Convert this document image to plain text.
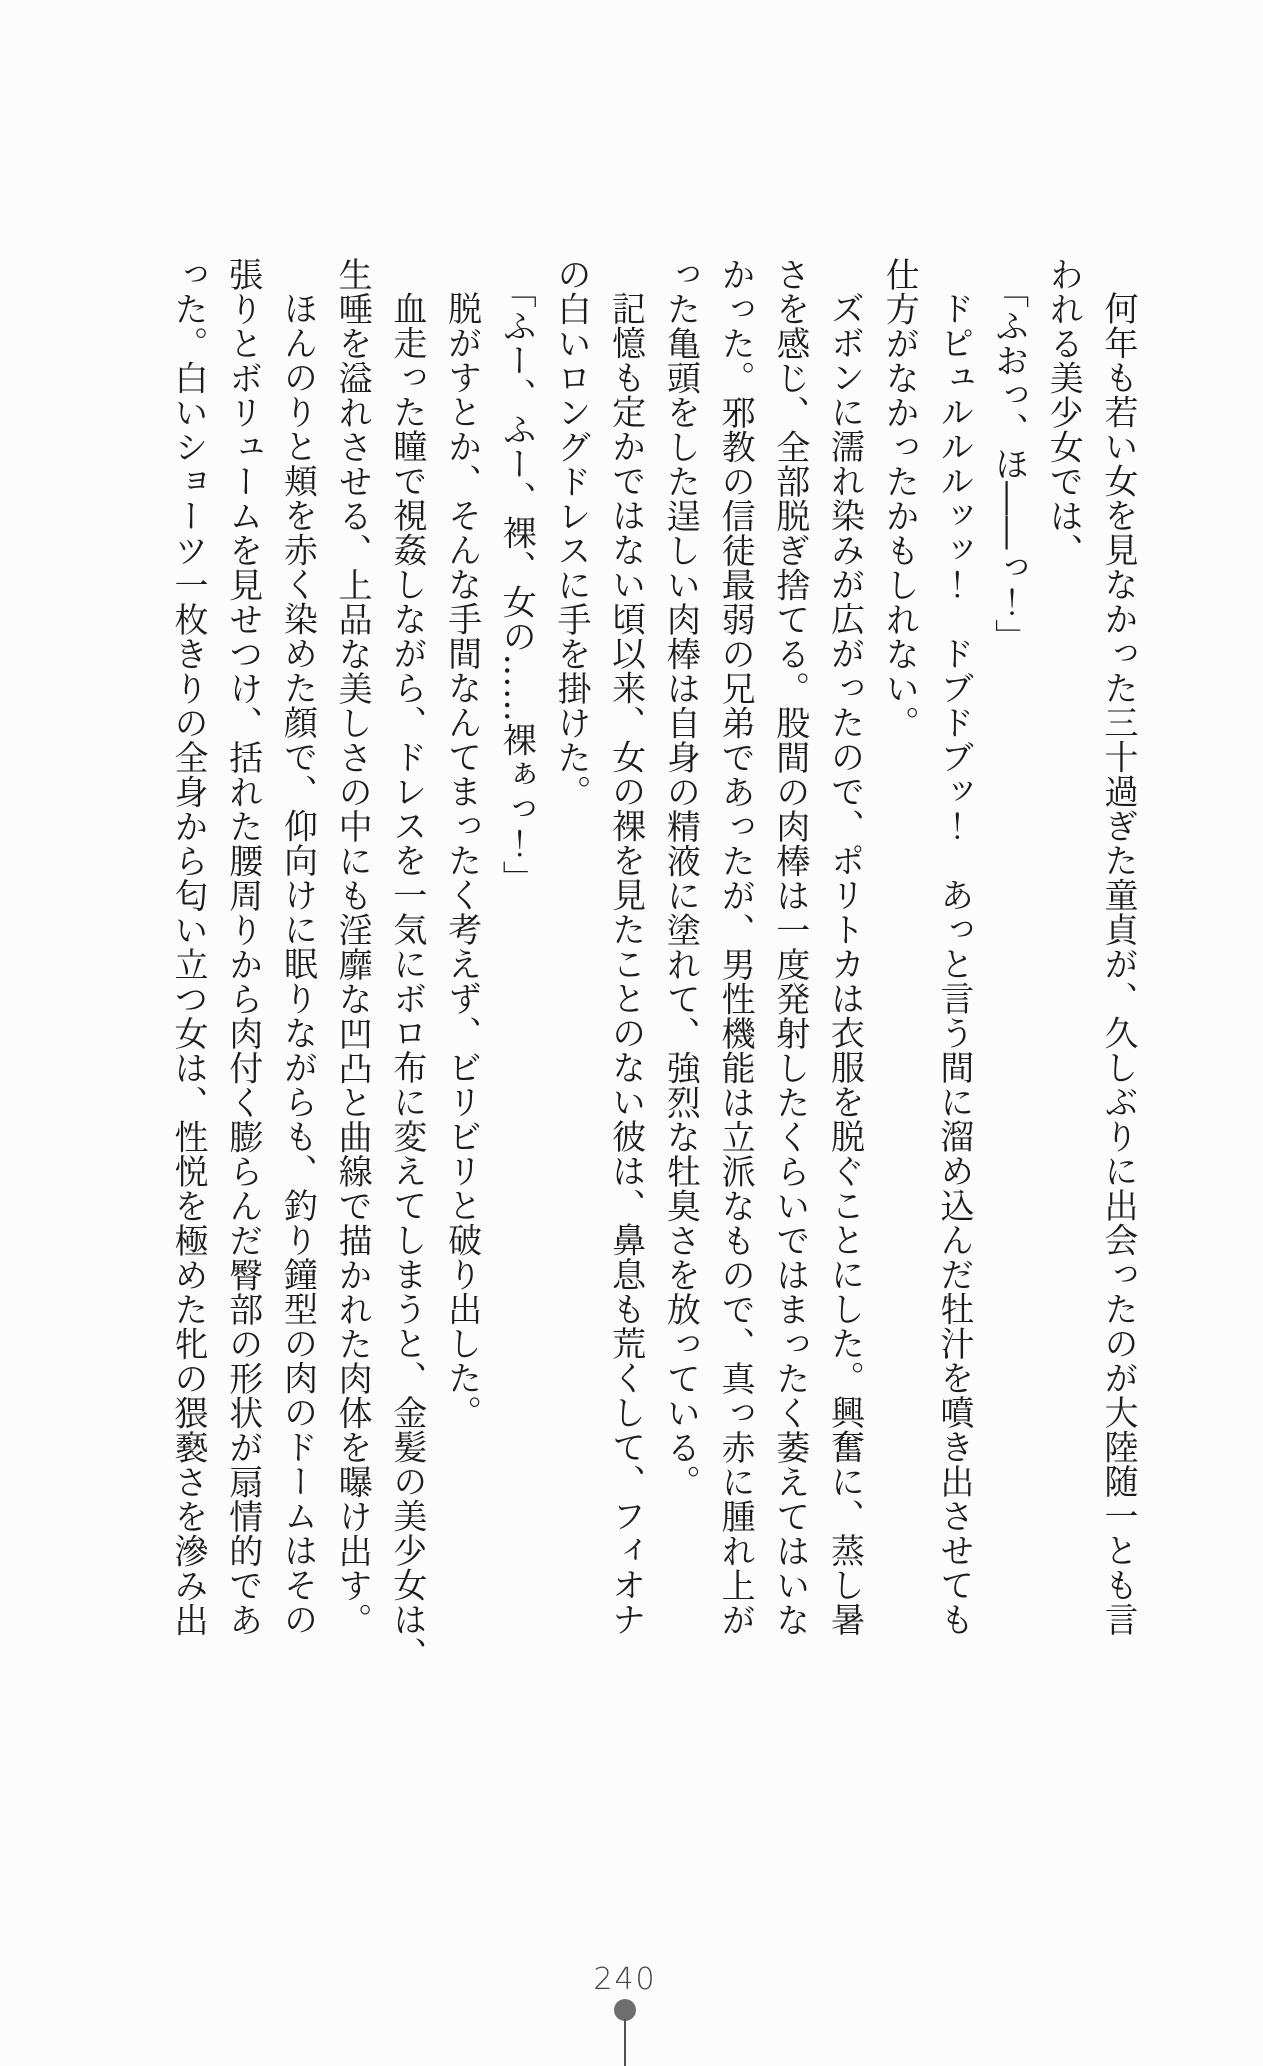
何年も若い女を見なかった三十過ぎた童貞が、久しぶりに出会ったのが大陸随一とも言

われる美少女では、

「ふおっ、ほ――っ！」

ドピュルルルッッ！　ドブドブッ！　あっと言う間に溜め込んだ牡汁を噴き出させても

仕方がなかったかもしれない。

ズボンに濡れ染みが広がったので、ポリトカは衣服を脱ぐことにした。興奮に、蒸し暑

さを感じ、全部脱ぎ捨てる。股間の肉棒は一度発射したくらいではまったく萎えてはいな

かった。邪教の信徒最弱の兄弟であったが、男性機能は立派なもので、真っ赤に腫れ上が

った亀頭をした逞しい肉棒は自身の精液に塗れて、強烈な牡臭さを放っている。

記憶も定かではない頃以来、女の裸を見たことのない彼は、鼻息も荒くして、フィオナ

の白いロングドレスに手を掛けた。

「ふー、ふー、裸、女の……裸ぁっ！」

脱がすとか、そんな手間なんてまったく考えず、ビリビリと破り出した。

血走った瞳で視姦しながら、ドレスを一気にボロ布に変えてしまうと、金髪の美少女は、

生唾を溢れさせる、上品な美しさの中にも淫靡な凹凸と曲線で描かれた肉体を曝け出す。

ほんのりと頬を赤く染めた顔で、仰向けに眠りながらも、釣り鐘型の肉のドームはその

張りとボリュームを見せつけ、括れた腰周りから肉付く膨らんだ臀部の形状が扇情的であ

った。白いショーツ一枚きりの全身から匂い立つ女は、性悦を極めた牝の猥褻さを滲み出

240
